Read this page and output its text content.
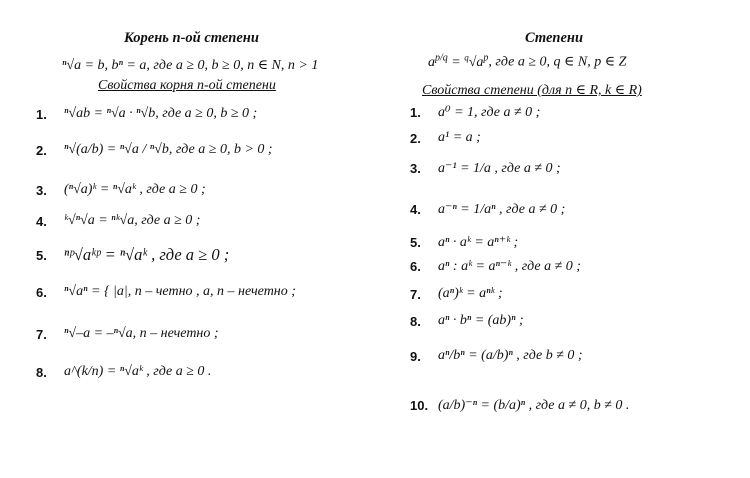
Корень n-ой степени
ⁿ√a = b, bⁿ = a, где a ≥ 0, b ≥ 0, n ∈ N, n > 1
Свойства корня n-ой степени
1.	ⁿ√ab = ⁿ√a · ⁿ√b, где a ≥ 0, b ≥ 0 ;
2.	ⁿ√(a/b) = ⁿ√a / ⁿ√b, где a ≥ 0, b > 0 ;
3.	(ⁿ√a)ᵏ = ⁿ√aᵏ , где a ≥ 0 ;
4.	ᵏ√ⁿ√a = ⁿᵏ√a, где a ≥ 0 ;
5.	ⁿᵖ√aᵏᵖ = ⁿ√aᵏ , где a ≥ 0 ;
6.	ⁿ√aⁿ = { |a|, n – четно , a, n – нечетно ;
7.	ⁿ√–a = –ⁿ√a, n – нечетно ;
8.	a^(k/n) = ⁿ√aᵏ , где a ≥ 0 .
Степени
$a^{p/q} = ^q√a^p$, где a ≥ 0, q ∈ N, p ∈ Z
Свойства степени (для n ∈ R, k ∈ R)
1.	a⁰ = 1, где a ≠ 0 ;
2.	a¹ = a ;
3.	a⁻¹ = 1/a , где a ≠ 0 ;
4.	a⁻ⁿ = 1/aⁿ , где a ≠ 0 ;
5.	aⁿ · aᵏ = aⁿ⁺ᵏ ;
6.	aⁿ : aᵏ = aⁿ⁻ᵏ , где a ≠ 0 ;
7.	(aⁿ)ᵏ = aⁿᵏ ;
8.	aⁿ · bⁿ = (ab)ⁿ ;
9.	aⁿ/bⁿ = (a/b)ⁿ , где b ≠ 0 ;
10. (a/b)⁻ⁿ = (b/a)ⁿ , где a ≠ 0, b ≠ 0 .
